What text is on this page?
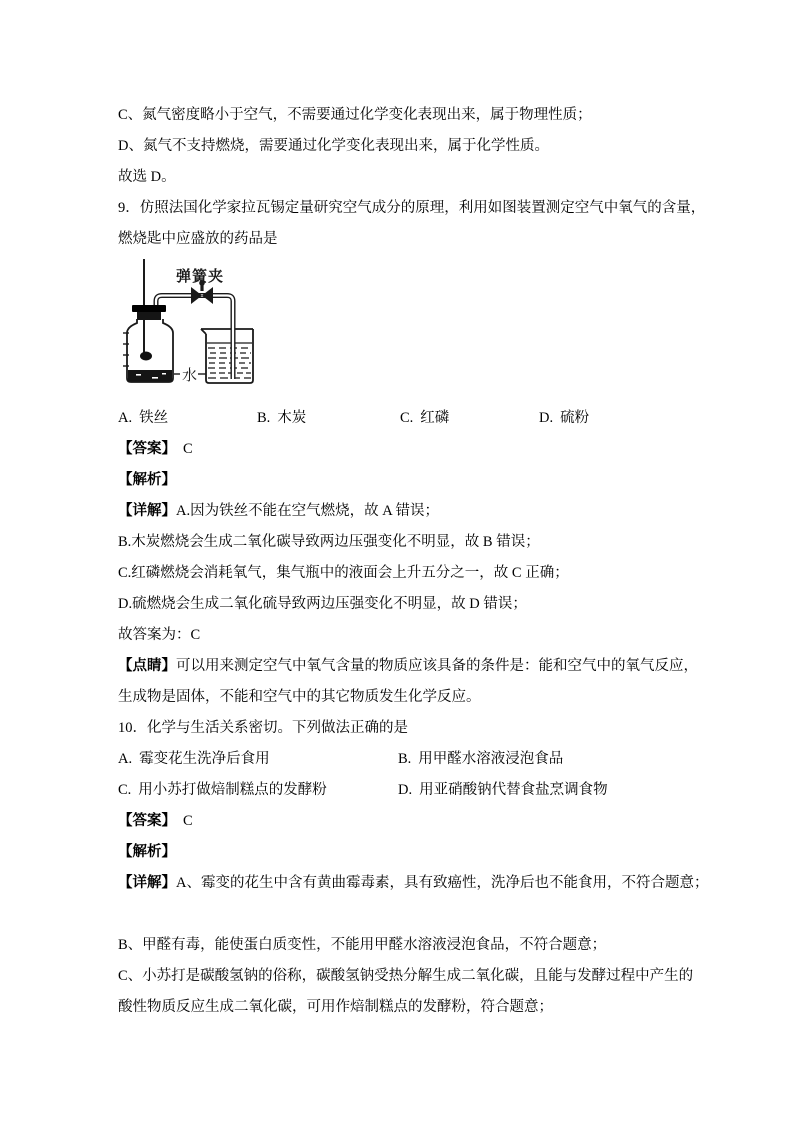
C、氮气密度略小于空气，不需要通过化学变化表现出来，属于物理性质；
D、氮气不支持燃烧，需要通过化学变化表现出来，属于化学性质。
故选 D。
9．仿照法国化学家拉瓦锡定量研究空气成分的原理，利用如图装置测定空气中氧气的含量，
燃烧匙中应盛放的药品是
水
弹簧夹
A. 铁丝	B. 木炭	C. 红磷	D. 硫粉
【答案】 C
【解析】
【详解】A.因为铁丝不能在空气燃烧，故 A 错误；
B.木炭燃烧会生成二氧化碳导致两边压强变化不明显，故 B 错误；
C.红磷燃烧会消耗氧气，集气瓶中的液面会上升五分之一，故 C 正确；
D.硫燃烧会生成二氧化硫导致两边压强变化不明显，故 D 错误；
故答案为：C
【点睛】可以用来测定空气中氧气含量的物质应该具备的条件是：能和空气中的氧气反应，
生成物是固体，不能和空气中的其它物质发生化学反应。
10．化学与生活关系密切。下列做法正确的是
A. 霉变花生洗净后食用	B. 用甲醛水溶液浸泡食品
C. 用小苏打做焙制糕点的发酵粉	D. 用亚硝酸钠代替食盐烹调食物
【答案】 C
【解析】
【详解】A、霉变的花生中含有黄曲霉毒素，具有致癌性，洗净后也不能食用，不符合题意；
B、甲醛有毒，能使蛋白质变性，不能用甲醛水溶液浸泡食品，不符合题意；
C、小苏打是碳酸氢钠的俗称，碳酸氢钠受热分解生成二氧化碳，且能与发酵过程中产生的
酸性物质反应生成二氧化碳，可用作焙制糕点的发酵粉，符合题意；
